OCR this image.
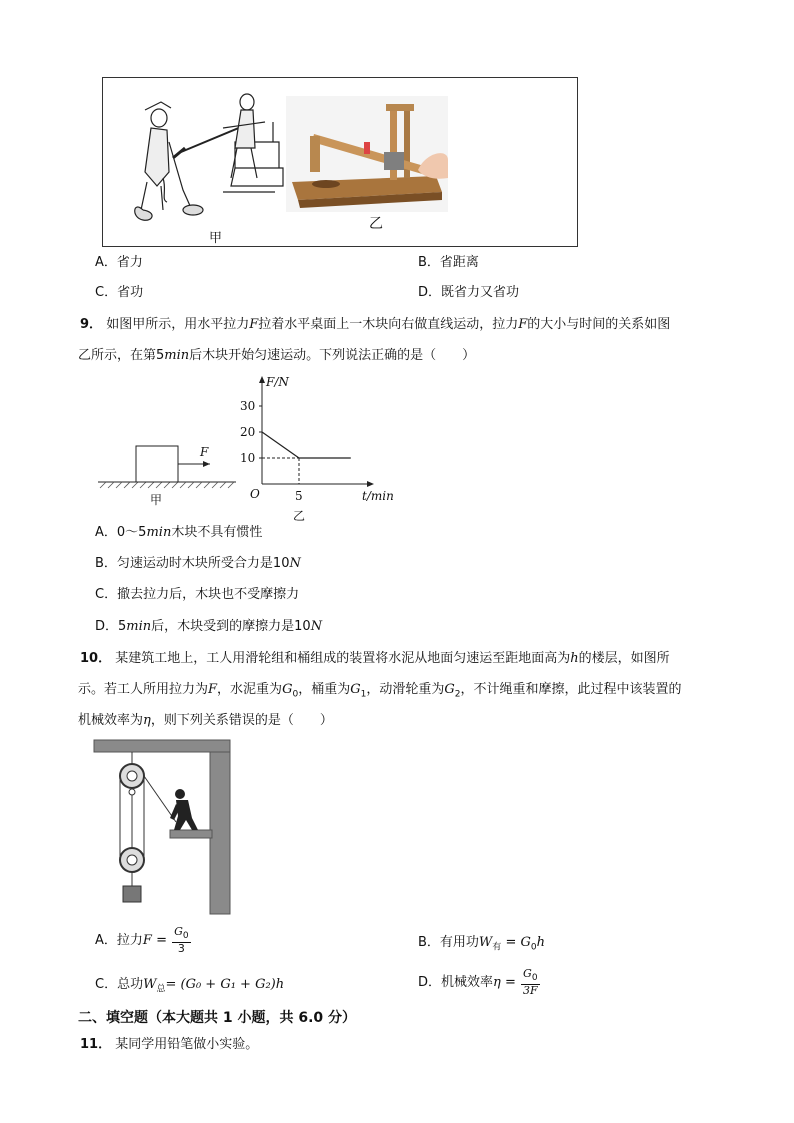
甲
乙
A．省力	B．省距离
C．省功	D．既省力又省功
9． 如图甲所示，用水平拉力F拉着水平桌面上一木块向右做直线运动，拉力F的大小与时间的关系如图
乙所示，在第5min后木块开始匀速运动。下列说法正确的是（　　）
F
甲
F/N
t/min
O
10
20
30
5
乙
A．0～5min木块不具有惯性
B．匀速运动时木块所受合力是10N
C．撤去拉力后，木块也不受摩擦力
D．5min后，木块受到的摩擦力是10N
10． 某建筑工地上，工人用滑轮组和桶组成的装置将水泥从地面匀速运至距地面高为h的楼层，如图所
示。若工人所用拉力为F，水泥重为$G_0$，桶重为$G_1$，动滑轮重为$G_2$，不计绳重和摩擦，此过程中该装置的
机械效率为η，则下列关系错误的是（　　）
A．拉力$F = \frac{G_0}{3}$	B．有用功$W_有 = G_0h$
C．总功$W_总= (G_0 + G_1 + G_2)h$	D．机械效率$\eta = \frac{G_0}{3F}$
二、填空题（本大题共 1 小题，共 6.0 分）
11． 某同学用铅笔做小实验。
